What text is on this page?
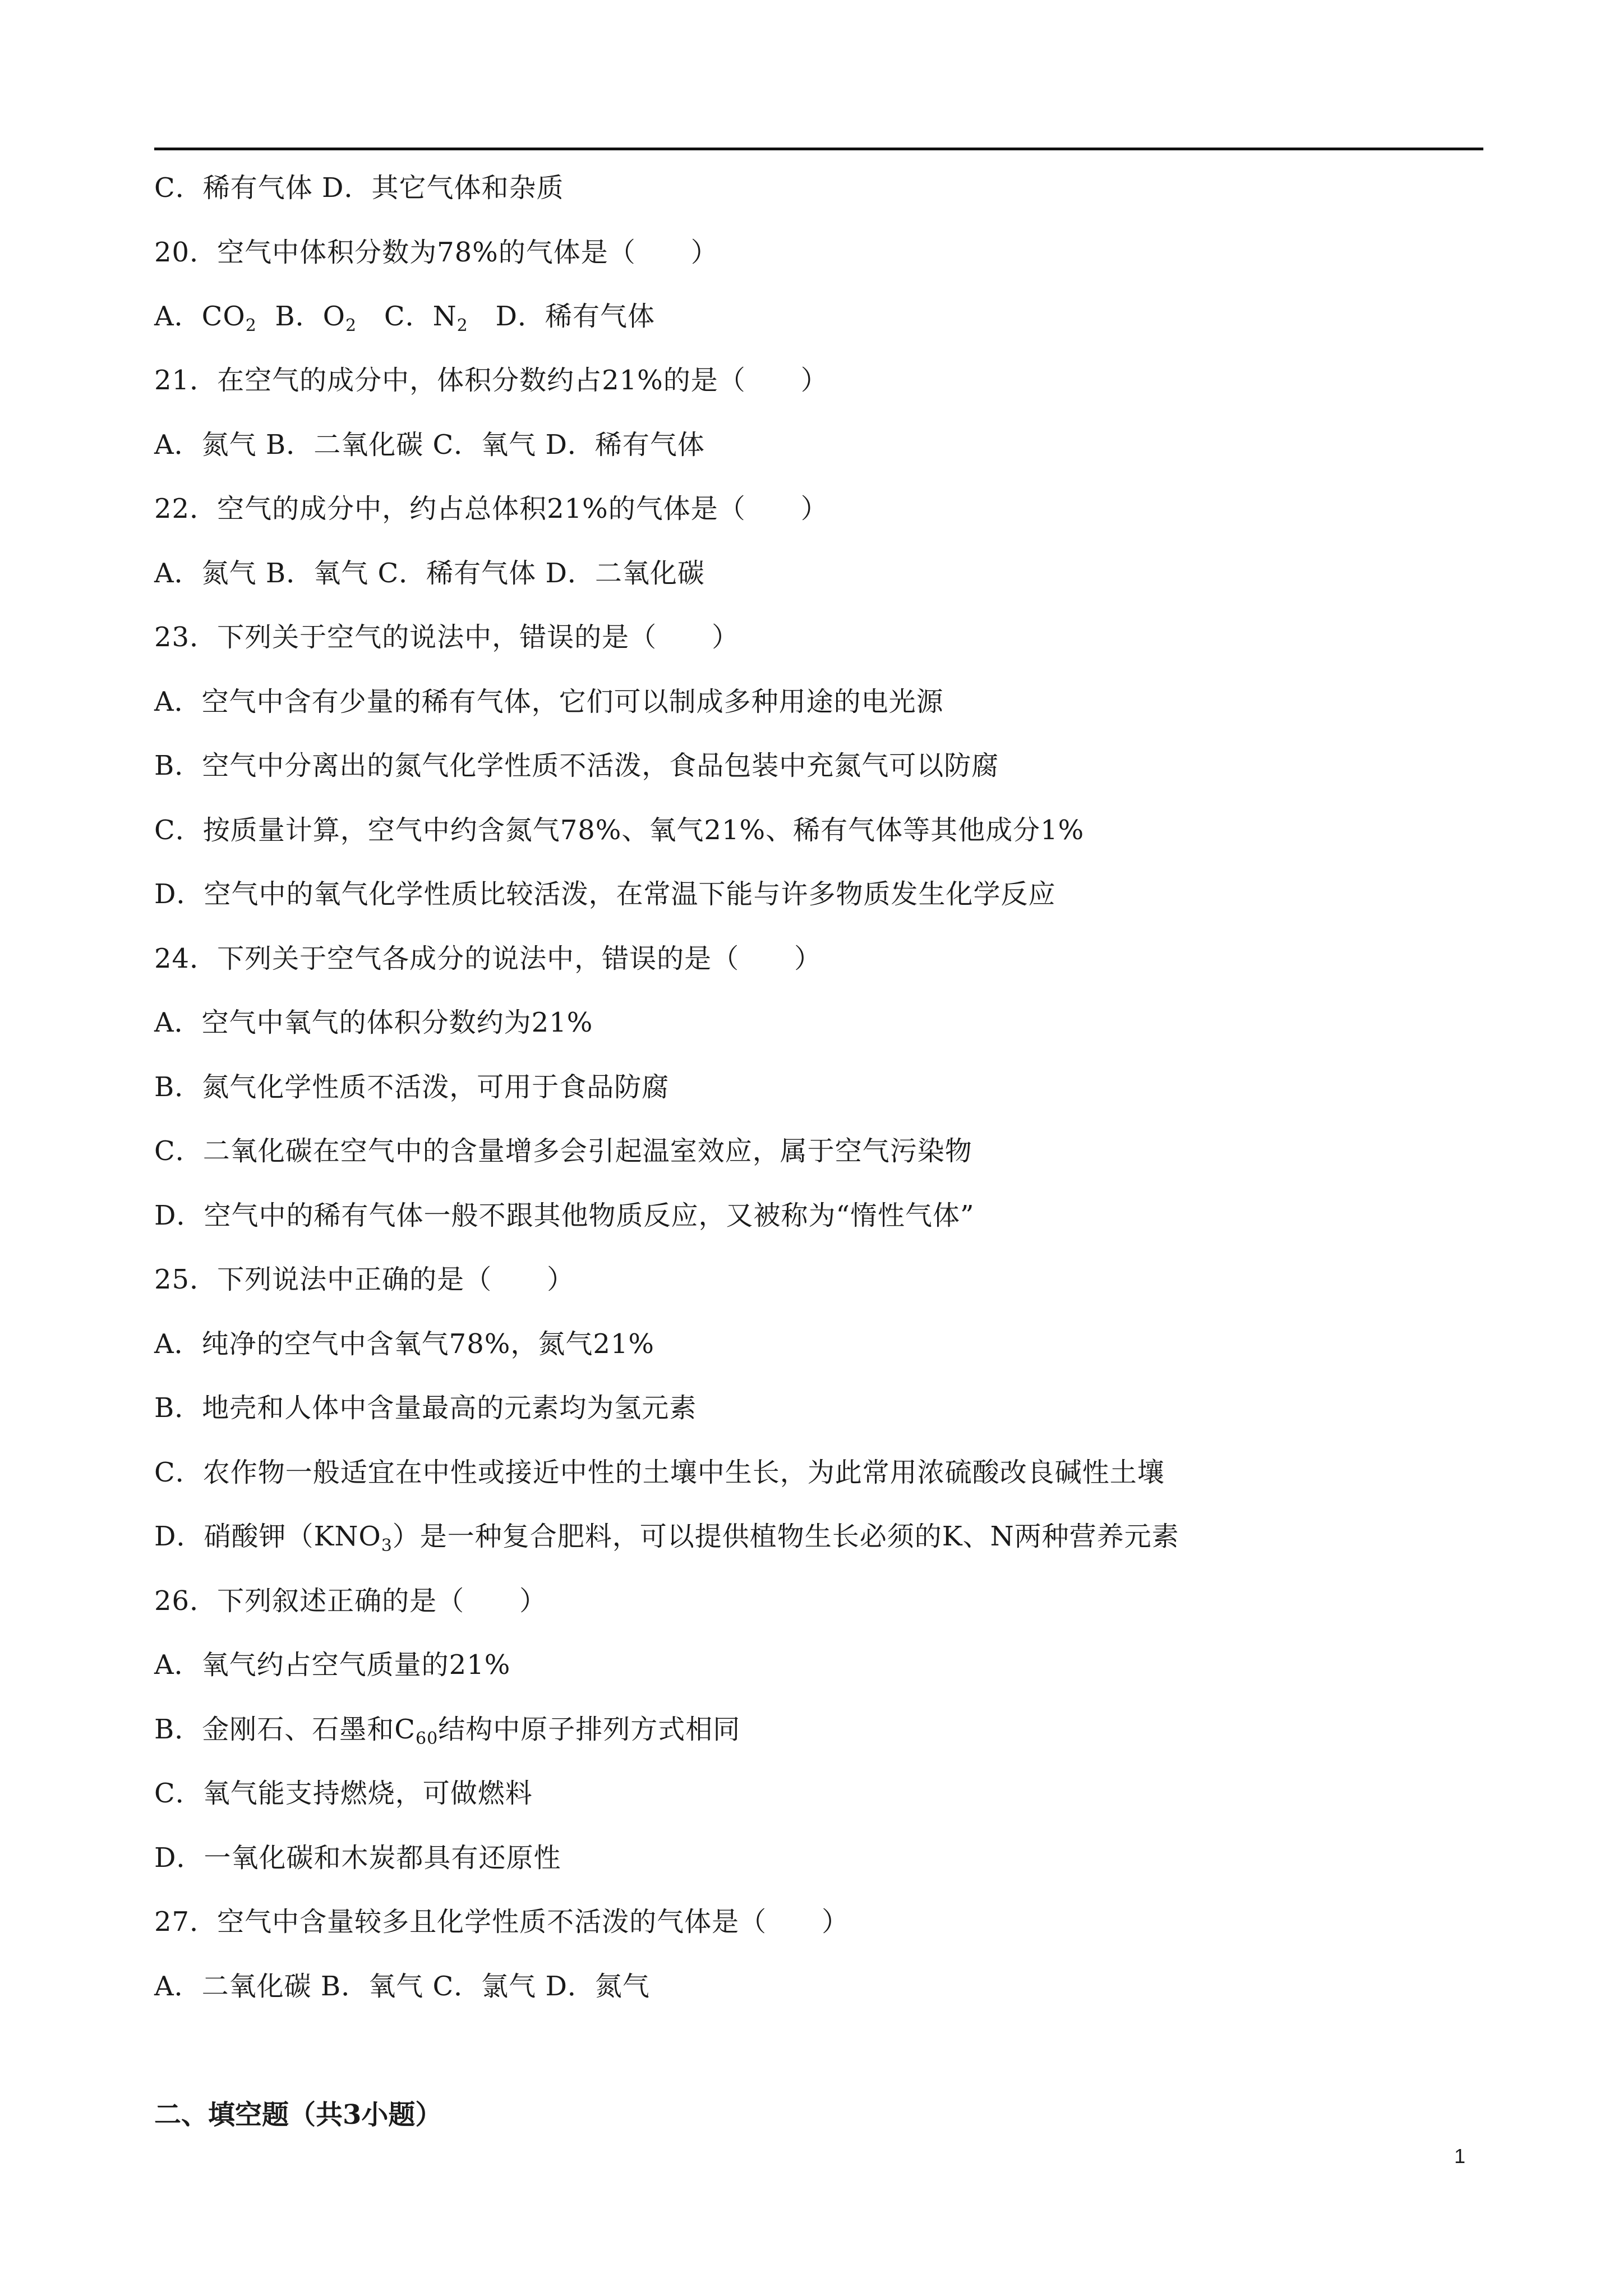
C．稀有气体 D．其它气体和杂质
20．空气中体积分数为78%的气体是（　　）
A．$CO_2$ B．$O_2$ C．$N_2$ D．稀有气体
21．在空气的成分中，体积分数约占21%的是（　　）
A．氮气 B．二氧化碳 C．氧气 D．稀有气体
22．空气的成分中，约占总体积21%的气体是（　　）
A．氮气 B．氧气 C．稀有气体 D．二氧化碳
23．下列关于空气的说法中，错误的是（　　）
A．空气中含有少量的稀有气体，它们可以制成多种用途的电光源
B．空气中分离出的氮气化学性质不活泼，食品包装中充氮气可以防腐
C．按质量计算，空气中约含氮气78%、氧气21%、稀有气体等其他成分1%
D．空气中的氧气化学性质比较活泼，在常温下能与许多物质发生化学反应
24．下列关于空气各成分的说法中，错误的是（　　）
A．空气中氧气的体积分数约为21%
B．氮气化学性质不活泼，可用于食品防腐
C．二氧化碳在空气中的含量增多会引起温室效应，属于空气污染物
D．空气中的稀有气体一般不跟其他物质反应，又被称为“惰性气体”
25．下列说法中正确的是（　　）
A．纯净的空气中含氧气78%，氮气21%
B．地壳和人体中含量最高的元素均为氢元素
C．农作物一般适宜在中性或接近中性的土壤中生长，为此常用浓硫酸改良碱性土壤
D．硝酸钾$(KNO_3)$是一种复合肥料，可以提供植物生长必须的K、N两种营养元素
26．下列叙述正确的是（　　）
A．氧气约占空气质量的21%
B．金刚石、石墨和$C_{60}$结构中原子排列方式相同
C．氧气能支持燃烧，可做燃料
D．一氧化碳和木炭都具有还原性
27．空气中含量较多且化学性质不活泼的气体是（　　）
A．二氧化碳 B．氧气 C．氯气 D．氮气
二、填空题（共3小题）
1
